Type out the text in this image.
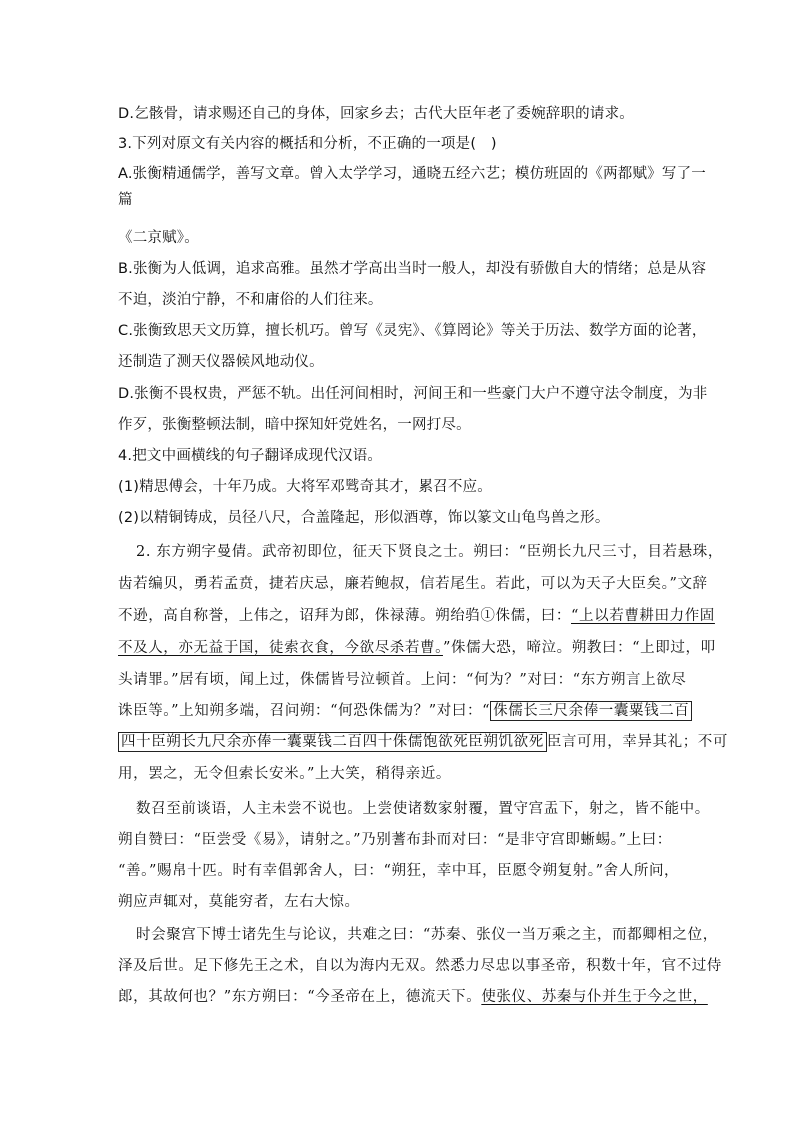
D.乞骸骨，请求赐还自己的身体，回家乡去；古代大臣年老了委婉辞职的请求。
3.下列对原文有关内容的概括和分析，不正确的一项是(　)
A.张衡精通儒学，善写文章。曾入太学学习，通晓五经六艺；模仿班固的《两都赋》写了一
篇
《二京赋》。
B.张衡为人低调，追求高雅。虽然才学高出当时一般人，却没有骄傲自大的情绪；总是从容
不迫，淡泊宁静，不和庸俗的人们往来。
C.张衡致思天文历算，擅长机巧。曾写《灵宪》、《算罔论》等关于历法、数学方面的论著，
还制造了测天仪器候风地动仪。
D.张衡不畏权贵，严惩不轨。出任河间相时，河间王和一些豪门大户不遵守法令制度，为非
作歹，张衡整顿法制，暗中探知奸党姓名，一网打尽。
4.把文中画横线的句子翻译成现代汉语。
(1)精思傅会，十年乃成。大将军邓骘奇其才，累召不应。
(2)以精铜铸成，员径八尺，合盖隆起，形似酒尊，饰以篆文山龟鸟兽之形。
2. 东方朔字曼倩。武帝初即位，征天下贤良之士。朔曰：“臣朔长九尺三寸，目若悬珠，
齿若编贝，勇若孟贲，捷若庆忌，廉若鲍叔，信若尾生。若此，可以为天子大臣矣。”文辞
不逊，高自称誉，上伟之，诏拜为郎，侏禄薄。朔绐驺①侏儒，曰：“上以若曹耕田力作固
不及人，亦无益于国，徒索衣食，今欲尽杀若曹。”侏儒大恐，啼泣。朔教曰：“上即过，叩
头请罪。”居有顷，闻上过，侏儒皆号泣顿首。上问：“何为？”对曰：“东方朔言上欲尽
诛臣等。”上知朔多端，召问朔：“何恐侏儒为？”对曰：“ 侏儒长三尺余俸一囊粟钱二百
四十臣朔长九尺余亦俸一囊粟钱二百四十侏儒饱欲死臣朔饥欲死 臣言可用，幸异其礼；不可
用，罢之，无令但索长安米。”上大笑，稍得亲近。
数召至前谈语，人主未尝不说也。上尝使诸数家射覆，置守宫盂下，射之，皆不能中。
朔自赞曰：“臣尝受《易》，请射之。”乃别蓍布卦而对曰：“是非守宫即蜥蜴。”上曰：
“善。”赐帛十匹。时有幸倡郭舍人，曰：“朔狂，幸中耳，臣愿令朔复射。”舍人所问，
朔应声辄对，莫能穷者，左右大惊。
时会聚宫下博士诸先生与论议，共难之曰：“苏秦、张仪一当万乘之主，而都卿相之位，
泽及后世。足下修先王之术，自以为海内无双。然悉力尽忠以事圣帝，积数十年，官不过侍
郎，其故何也？”东方朔曰：“今圣帝在上，德流天下。使张仪、苏秦与仆并生于今之世，
